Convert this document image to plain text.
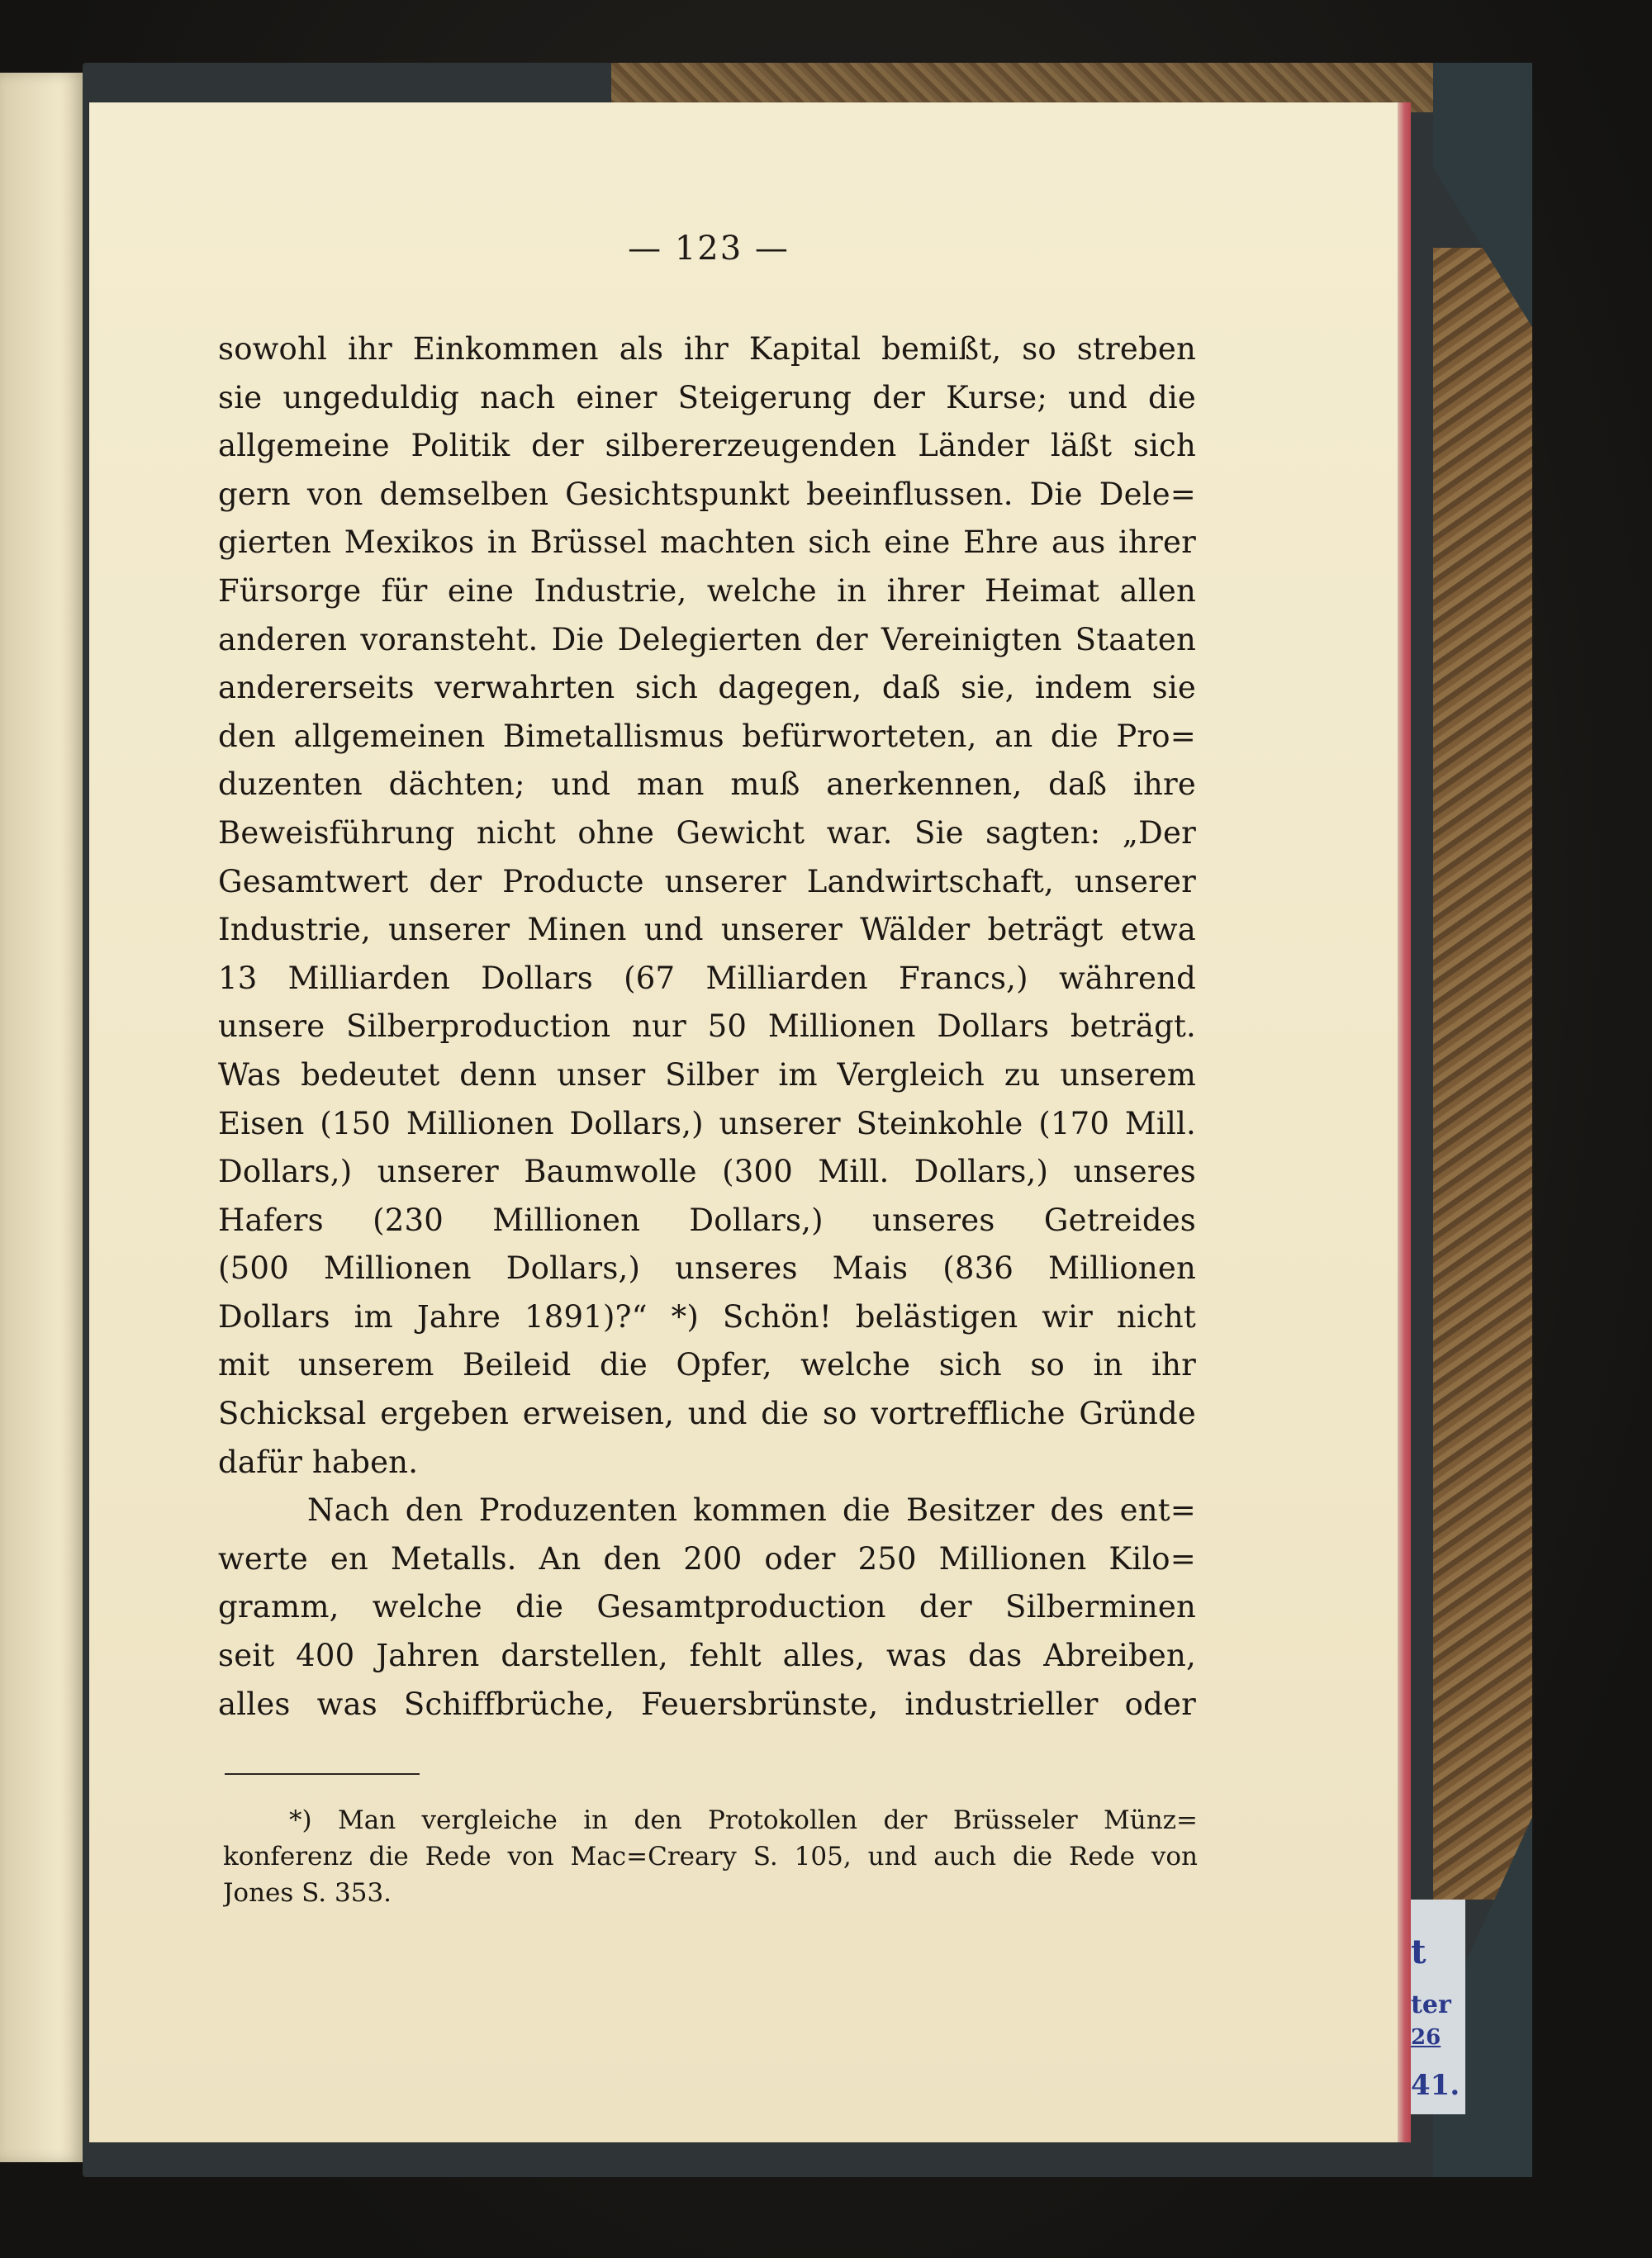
t
ter
26
41.
— 123 —
sowohl ihr Einkommen als ihr Kapital bemißt, so streben
sie ungeduldig nach einer Steigerung der Kurse; und die
allgemeine Politik der silbererzeugenden Länder läßt sich
gern von demselben Gesichtspunkt beeinflussen. Die Dele=
gierten Mexikos in Brüssel machten sich eine Ehre aus ihrer
Fürsorge für eine Industrie, welche in ihrer Heimat allen
anderen voransteht. Die Delegierten der Vereinigten Staaten
andererseits verwahrten sich dagegen, daß sie, indem sie
den allgemeinen Bimetallismus befürworteten, an die Pro=
duzenten dächten; und man muß anerkennen, daß ihre
Beweisführung nicht ohne Gewicht war. Sie sagten: „Der
Gesamtwert der Producte unserer Landwirtschaft, unserer
Industrie, unserer Minen und unserer Wälder beträgt etwa
13 Milliarden Dollars (67 Milliarden Francs,) während
unsere Silberproduction nur 50 Millionen Dollars beträgt.
Was bedeutet denn unser Silber im Vergleich zu unserem
Eisen (150 Millionen Dollars,) unserer Steinkohle (170 Mill.
Dollars,) unserer Baumwolle (300 Mill. Dollars,) unseres
Hafers (230 Millionen Dollars,) unseres Getreides
(500 Millionen Dollars,) unseres Mais (836 Millionen
Dollars im Jahre 1891)?“ *) Schön! belästigen wir nicht
mit unserem Beileid die Opfer, welche sich so in ihr
Schicksal ergeben erweisen, und die so vortreffliche Gründe
dafür haben.
Nach den Produzenten kommen die Besitzer des ent=
werte en Metalls. An den 200 oder 250 Millionen Kilo=
gramm, welche die Gesamtproduction der Silberminen
seit 400 Jahren darstellen, fehlt alles, was das Abreiben,
alles was Schiffbrüche, Feuersbrünste, industrieller oder
*) Man vergleiche in den Protokollen der Brüsseler Münz=
konferenz die Rede von Mac=Creary S. 105, und auch die Rede von
Jones S. 353.
